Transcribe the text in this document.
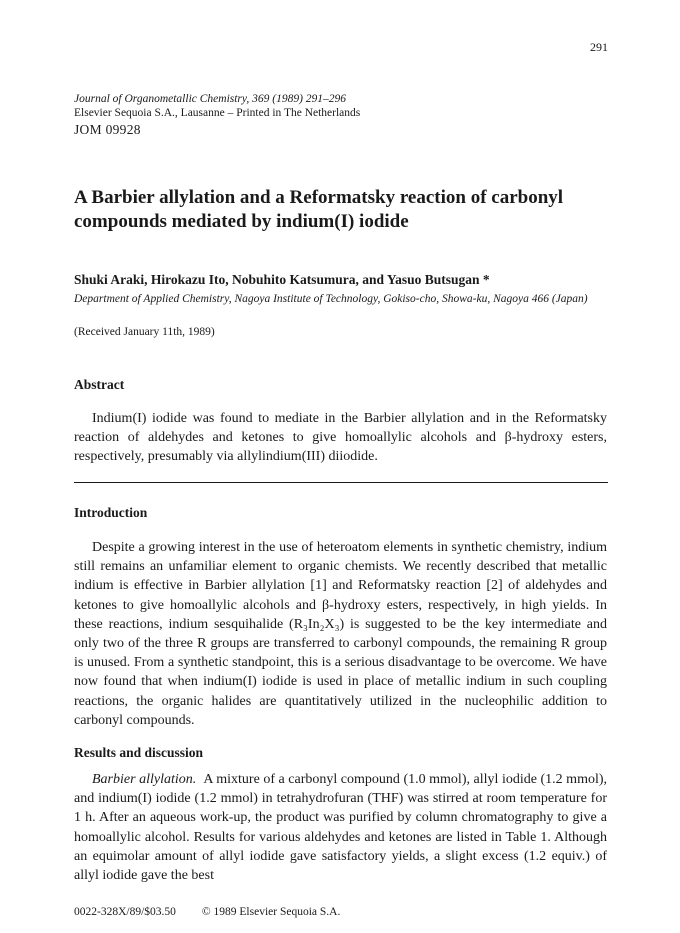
291
Journal of Organometallic Chemistry, 369 (1989) 291–296
Elsevier Sequoia S.A., Lausanne – Printed in The Netherlands
JOM 09928
A Barbier allylation and a Reformatsky reaction of carbonyl compounds mediated by indium(I) iodide
Shuki Araki, Hirokazu Ito, Nobuhito Katsumura, and Yasuo Butsugan *
Department of Applied Chemistry, Nagoya Institute of Technology, Gokiso-cho, Showa-ku, Nagoya 466 (Japan)
(Received January 11th, 1989)
Abstract

Indium(I) iodide was found to mediate in the Barbier allylation and in the Reformatsky reaction of aldehydes and ketones to give homoallylic alcohols and β-hydroxy esters, respectively, presumably via allylindium(III) diiodide.

Introduction

Despite a growing interest in the use of heteroatom elements in synthetic chemistry, indium still remains an unfamiliar element to organic chemists. We recently described that metallic indium is effective in Barbier allylation [1] and Reformatsky reaction [2] of aldehydes and ketones to give homoallylic alcohols and β-hydroxy esters, respectively, in high yields. In these reactions, indium sesquihalide (R₃In₂X₃) is suggested to be the key intermediate and only two of the three R groups are transferred to carbonyl compounds, the remaining R group is unused. From a synthetic standpoint, this is a serious disadvantage to be overcome. We have now found that when indium(I) iodide is used in place of metallic indium in such coupling reactions, the organic halides are quantitatively utilized in the nucleophilic addition to carbonyl compounds.

Results and discussion

Barbier allylation. A mixture of a carbonyl compound (1.0 mmol), allyl iodide (1.2 mmol), and indium(I) iodide (1.2 mmol) in tetrahydrofuran (THF) was stirred at room temperature for 1 h. After an aqueous work-up, the product was purified by column chromatography to give a homoallylic alcohol. Results for various aldehydes and ketones are listed in Table 1. Although an equimolar amount of allyl iodide gave satisfactory yields, a slight excess (1.2 equiv.) of allyl iodide gave the best

0022-328X/89/$03.50 © 1989 Elsevier Sequoia S.A.
